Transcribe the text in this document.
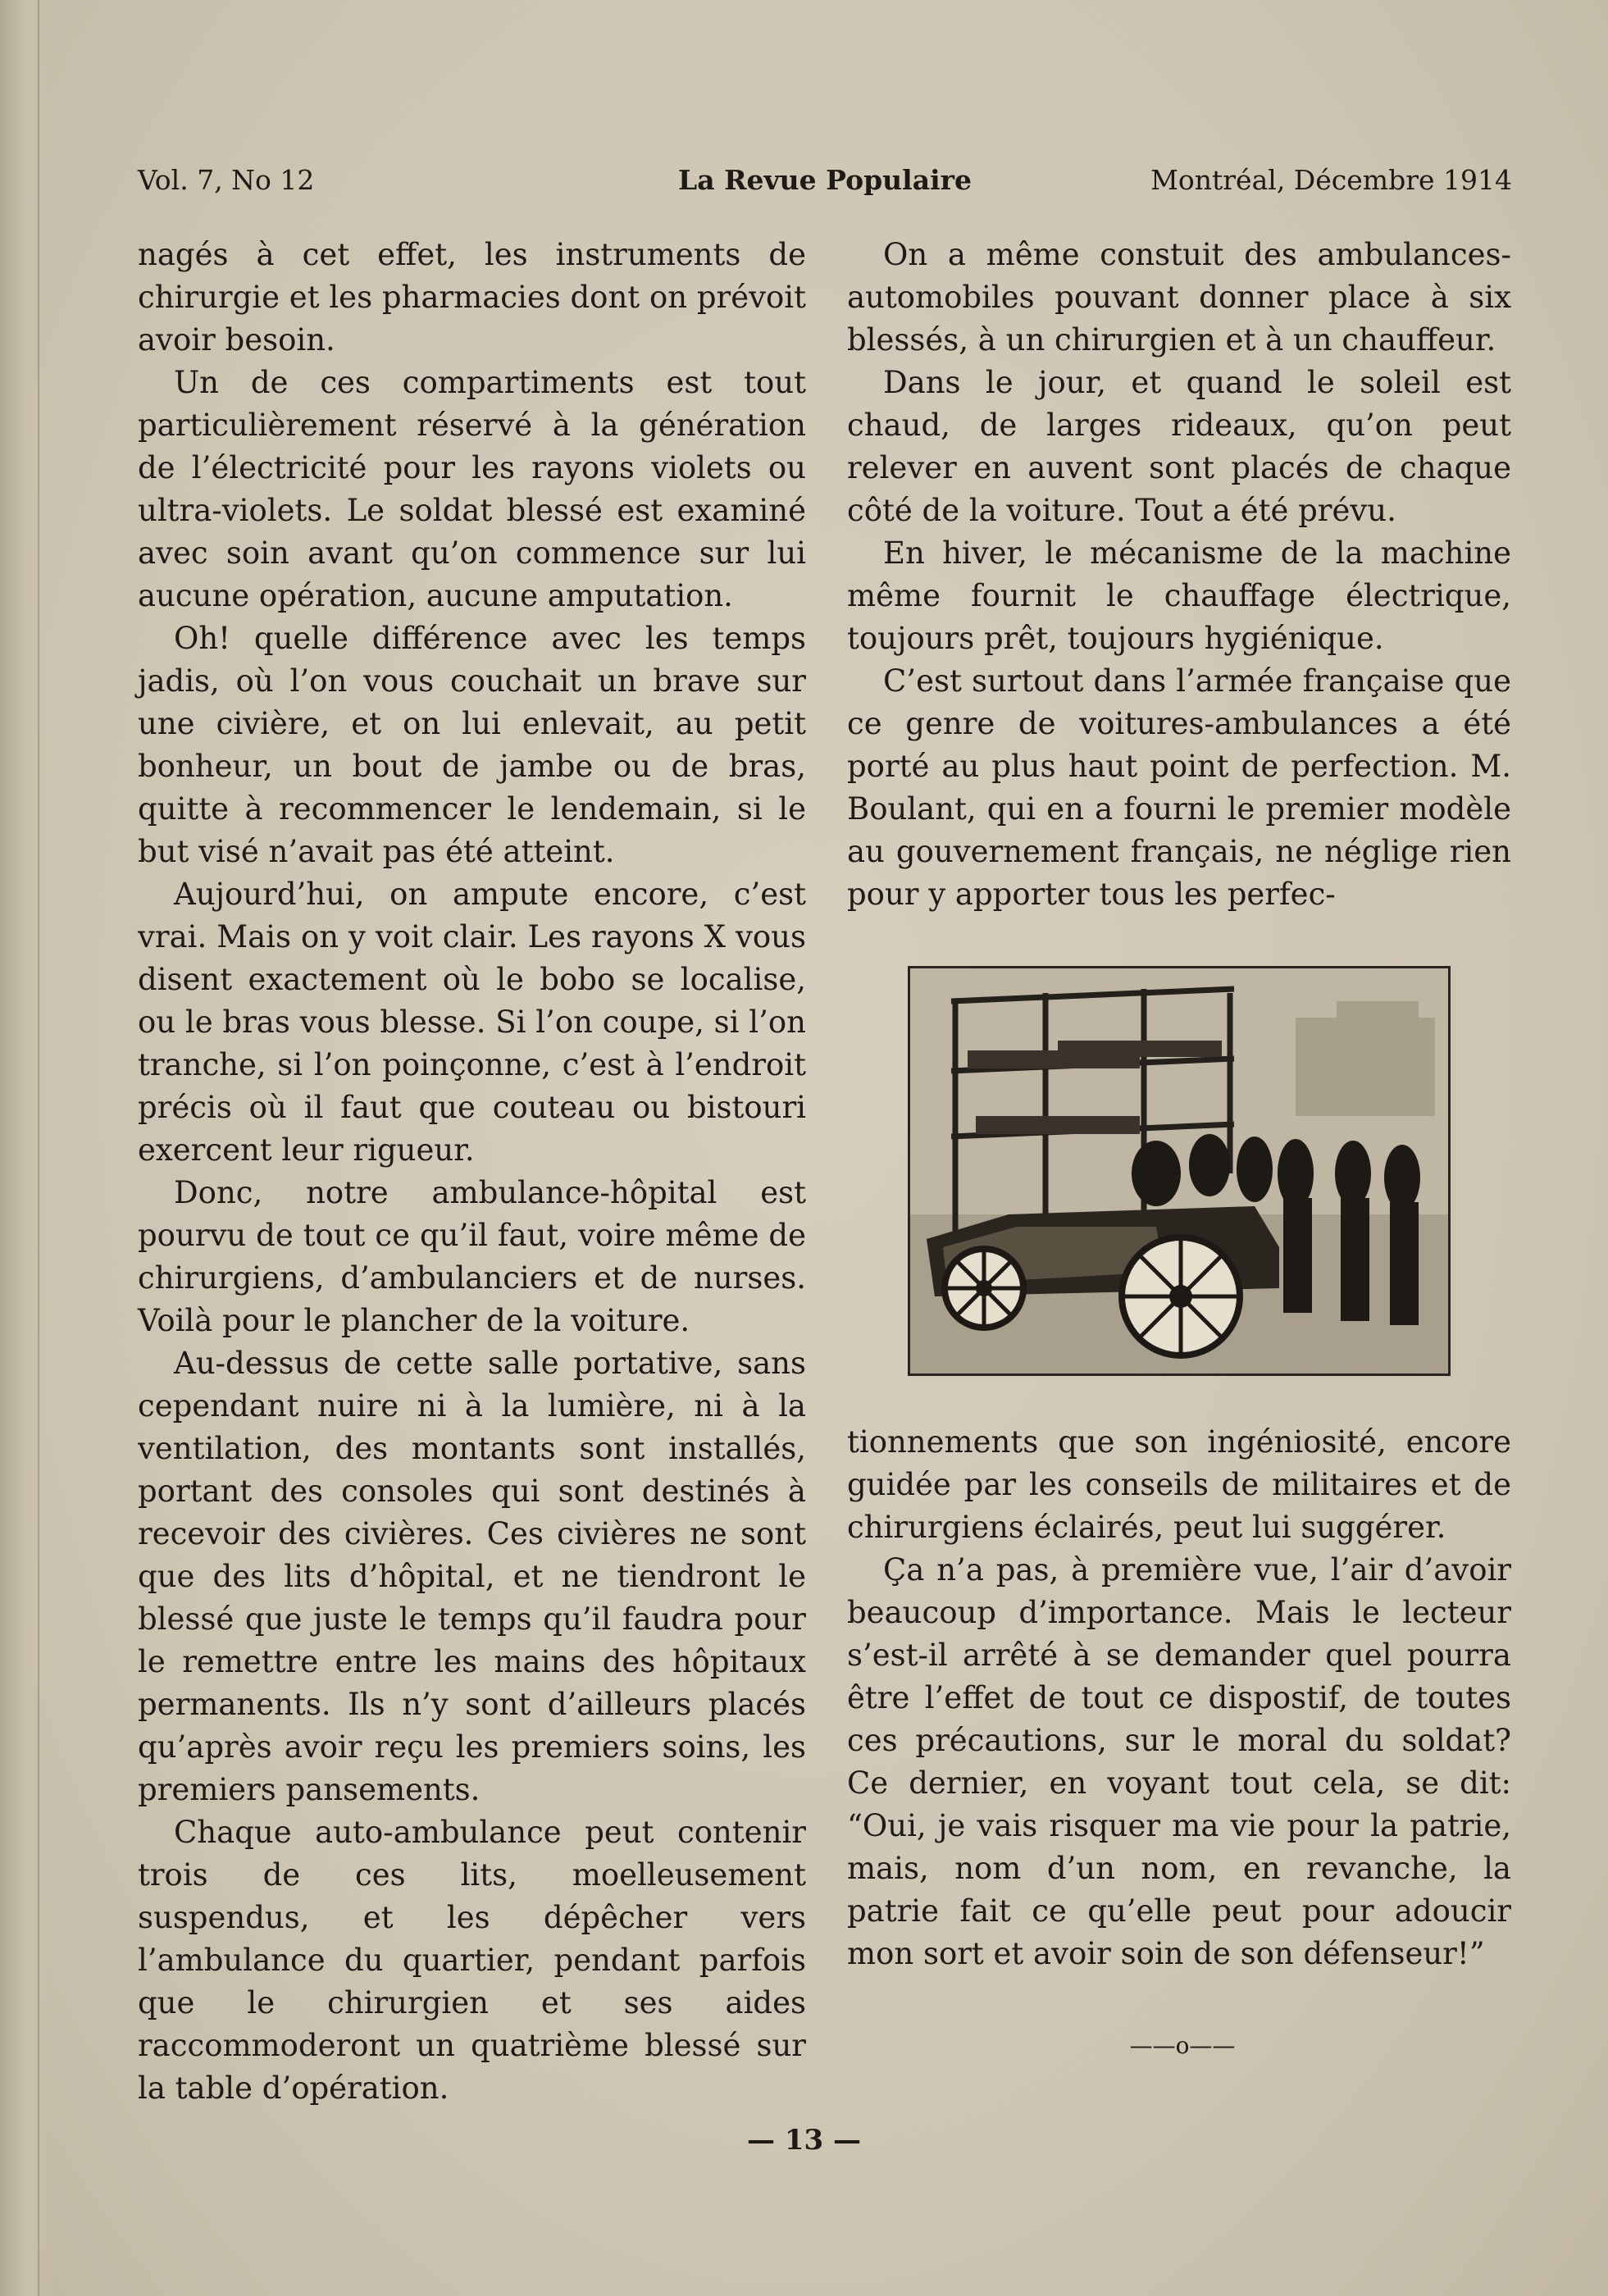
Vol. 7, No 12	La Revue Populaire	Montréal, Décembre 1914

nagés à cet effet, les instruments de chirurgie et les pharmacies dont on prévoit avoir besoin.

Un de ces compartiments est tout particulièrement réservé à la génération de l’électricité pour les rayons violets ou ultra-violets. Le soldat blessé est examiné avec soin avant qu’on commence sur lui aucune opération, aucune amputation.

Oh! quelle différence avec les temps jadis, où l’on vous couchait un brave sur une civière, et on lui enlevait, au petit bonheur, un bout de jambe ou de bras, quitte à recommencer le lendemain, si le but visé n’avait pas été atteint.

Aujourd’hui, on ampute encore, c’est vrai. Mais on y voit clair. Les rayons X vous disent exactement où le bobo se localise, ou le bras vous blesse. Si l’on coupe, si l’on tranche, si l’on poinçonne, c’est à l’endroit précis où il faut que couteau ou bistouri exercent leur rigueur.

Donc, notre ambulance-hôpital est pourvu de tout ce qu’il faut, voire même de chirurgiens, d’ambulanciers et de nurses. Voilà pour le plancher de la voiture.

Au-dessus de cette salle portative, sans cependant nuire ni à la lumière, ni à la ventilation, des montants sont installés, portant des consoles qui sont destinés à recevoir des civières. Ces civières ne sont que des lits d’hôpital, et ne tiendront le blessé que juste le temps qu’il faudra pour le remettre entre les mains des hôpitaux permanents. Ils n’y sont d’ailleurs placés qu’après avoir reçu les premiers soins, les premiers pansements.

Chaque auto-ambulance peut contenir trois de ces lits, moelleusement suspendus, et les dépêcher vers l’ambulance du quartier, pendant parfois que le chirurgien et ses aides raccommoderont un quatrième blessé sur la table d’opération.

On a même constuit des ambulances-automobiles pouvant donner place à six blessés, à un chirurgien et à un chauffeur.

Dans le jour, et quand le soleil est chaud, de larges rideaux, qu’on peut relever en auvent sont placés de chaque côté de la voiture. Tout a été prévu.

En hiver, le mécanisme de la machine même fournit le chauffage électrique, toujours prêt, toujours hygiénique.

C’est surtout dans l’armée française que ce genre de voitures-ambulances a été porté au plus haut point de perfection. M. Boulant, qui en a fourni le premier modèle au gouvernement français, ne néglige rien pour y apporter tous les perfec-

tionnements que son ingéniosité, encore guidée par les conseils de militaires et de chirurgiens éclairés, peut lui suggérer.

Ça n’a pas, à première vue, l’air d’avoir beaucoup d’importance. Mais le lecteur s’est-il arrêté à se demander quel pourra être l’effet de tout ce dispostif, de toutes ces précautions, sur le moral du soldat? Ce dernier, en voyant tout cela, se dit: “Oui, je vais risquer ma vie pour la patrie, mais, nom d’un nom, en revanche, la patrie fait ce qu’elle peut pour adoucir mon sort et avoir soin de son défenseur!”

——o——
— 13 —
